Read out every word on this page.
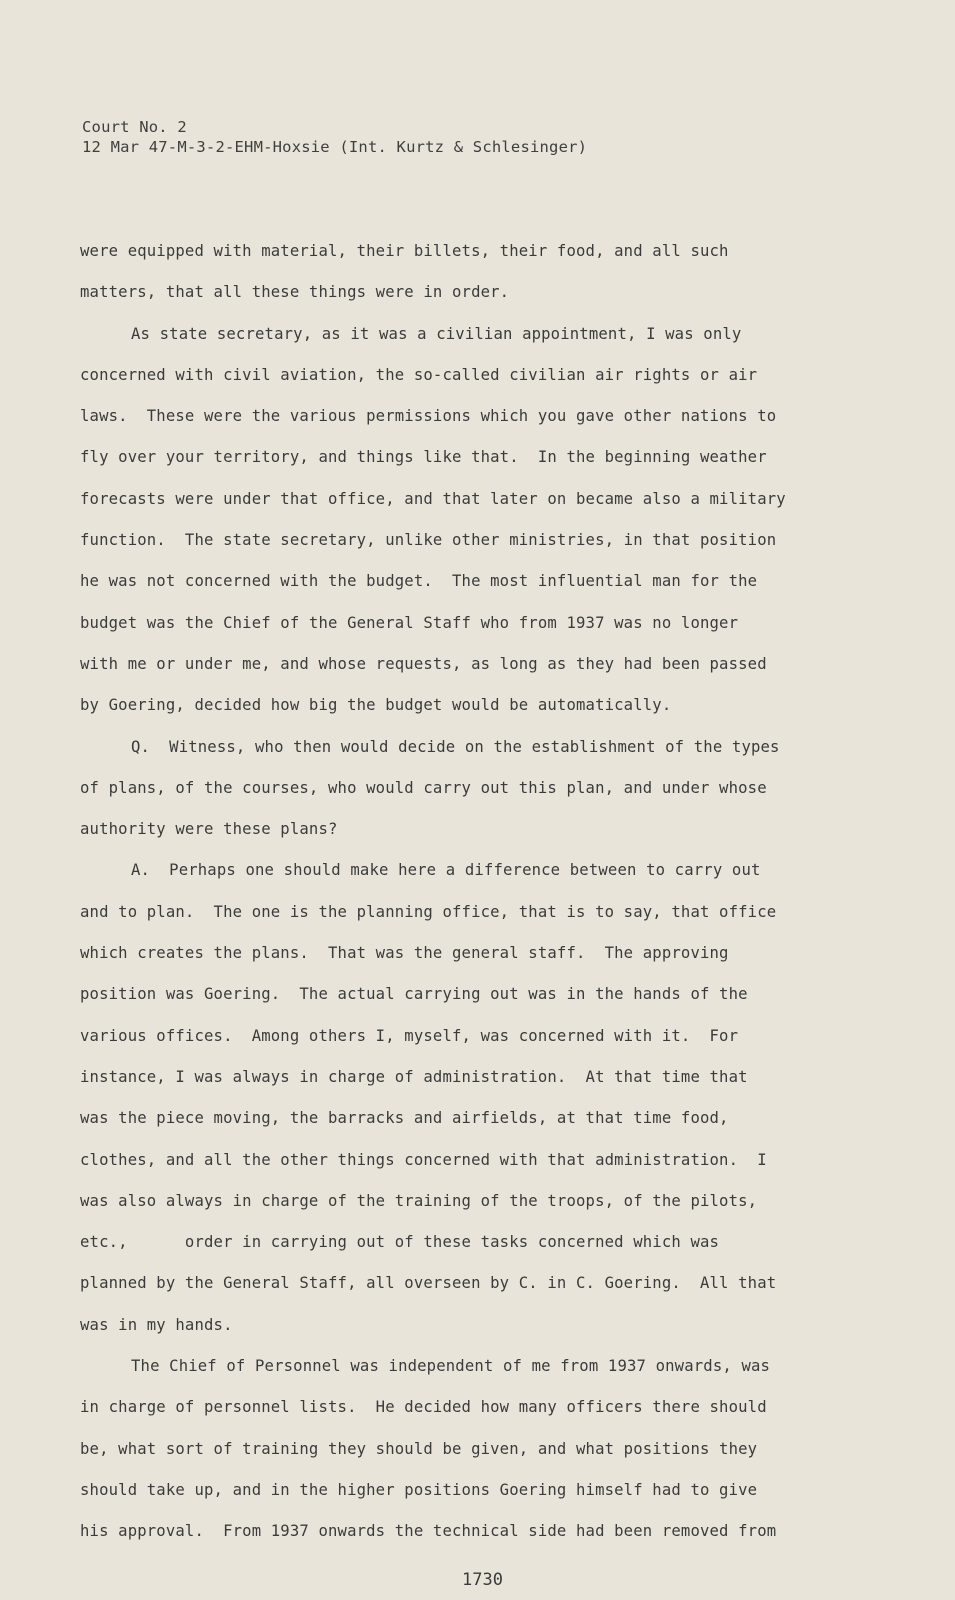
Court No. 2
12 Mar 47-M-3-2-EHM-Hoxsie (Int. Kurtz & Schlesinger)
were equipped with material, their billets, their food, and all such
matters, that all these things were in order.
As state secretary, as it was a civilian appointment, I was only
concerned with civil aviation, the so-called civilian air rights or air
laws.  These were the various permissions which you gave other nations to
fly over your territory, and things like that.  In the beginning weather
forecasts were under that office, and that later on became also a military
function.  The state secretary, unlike other ministries, in that position
he was not concerned with the budget.  The most influential man for the
budget was the Chief of the General Staff who from 1937 was no longer
with me or under me, and whose requests, as long as they had been passed
by Goering, decided how big the budget would be automatically.
Q.  Witness, who then would decide on the establishment of the types
of plans, of the courses, who would carry out this plan, and under whose
authority were these plans?
A.  Perhaps one should make here a difference between to carry out
and to plan.  The one is the planning office, that is to say, that office
which creates the plans.  That was the general staff.  The approving
position was Goering.  The actual carrying out was in the hands of the
various offices.  Among others I, myself, was concerned with it.  For
instance, I was always in charge of administration.  At that time that
was the piece moving, the barracks and airfields, at that time food,
clothes, and all the other things concerned with that administration.  I
was also always in charge of the training of the troops, of the pilots,
etc.,      order in carrying out of these tasks concerned which was
planned by the General Staff, all overseen by C. in C. Goering.  All that
was in my hands.
The Chief of Personnel was independent of me from 1937 onwards, was
in charge of personnel lists.  He decided how many officers there should
be, what sort of training they should be given, and what positions they
should take up, and in the higher positions Goering himself had to give
his approval.  From 1937 onwards the technical side had been removed from
1730
